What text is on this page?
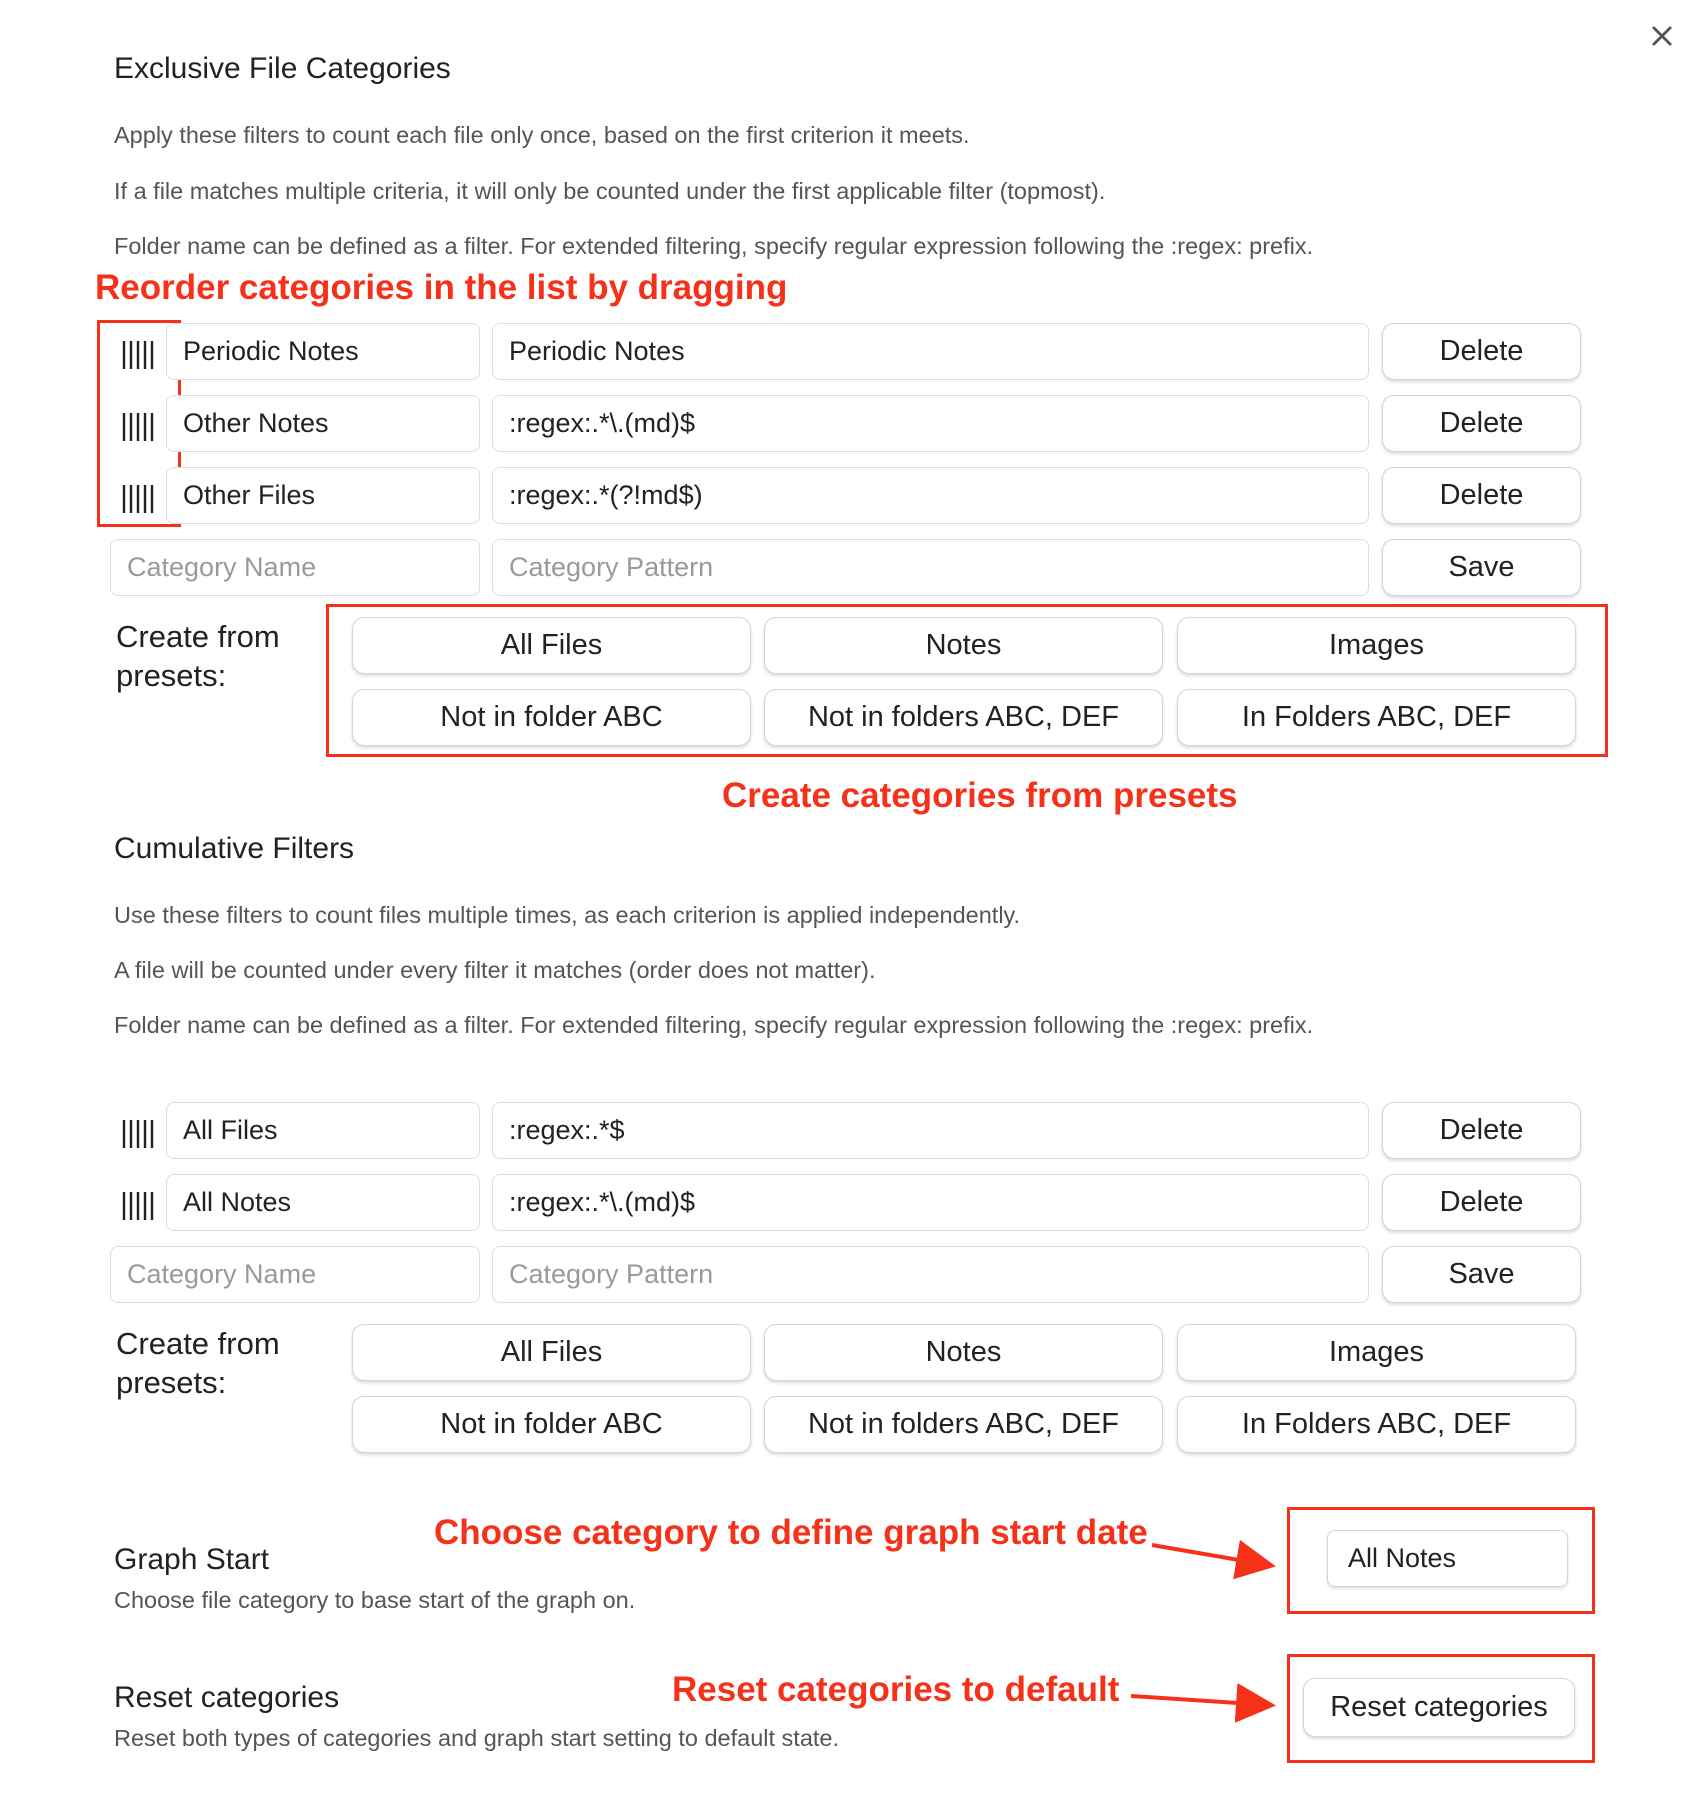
Exclusive File Categories
Apply these filters to count each file only once, based on the first criterion it meets.
If a file matches multiple criteria, it will only be counted under the first applicable filter (topmost).
Folder name can be defined as a filter. For extended filtering, specify regular expression following the :regex: prefix.
Reorder categories in the list by dragging
Periodic Notes
Periodic Notes
Delete
Other Notes
:regex:.*\.(md)$
Delete
Other Files
:regex:.*(?!md$)
Delete
Category Name
Category Pattern
Save
Create from presets:
All Files	Notes	Images
Not in folder ABC	Not in folders ABC, DEF	In Folders ABC, DEF
Create categories from presets
Cumulative Filters
Use these filters to count files multiple times, as each criterion is applied independently.
A file will be counted under every filter it matches (order does not matter).
Folder name can be defined as a filter. For extended filtering, specify regular expression following the :regex: prefix.
All Files
:regex:.*$
Delete
All Notes
:regex:.*\.(md)$
Delete
Category Name
Category Pattern
Save
Create from presets:
All Files	Notes	Images
Not in folder ABC	Not in folders ABC, DEF	In Folders ABC, DEF
Choose category to define graph start date
Graph Start
Choose file category to base start of the graph on.
All Notes
Reset categories to default
Reset categories
Reset both types of categories and graph start setting to default state.
Reset categories
